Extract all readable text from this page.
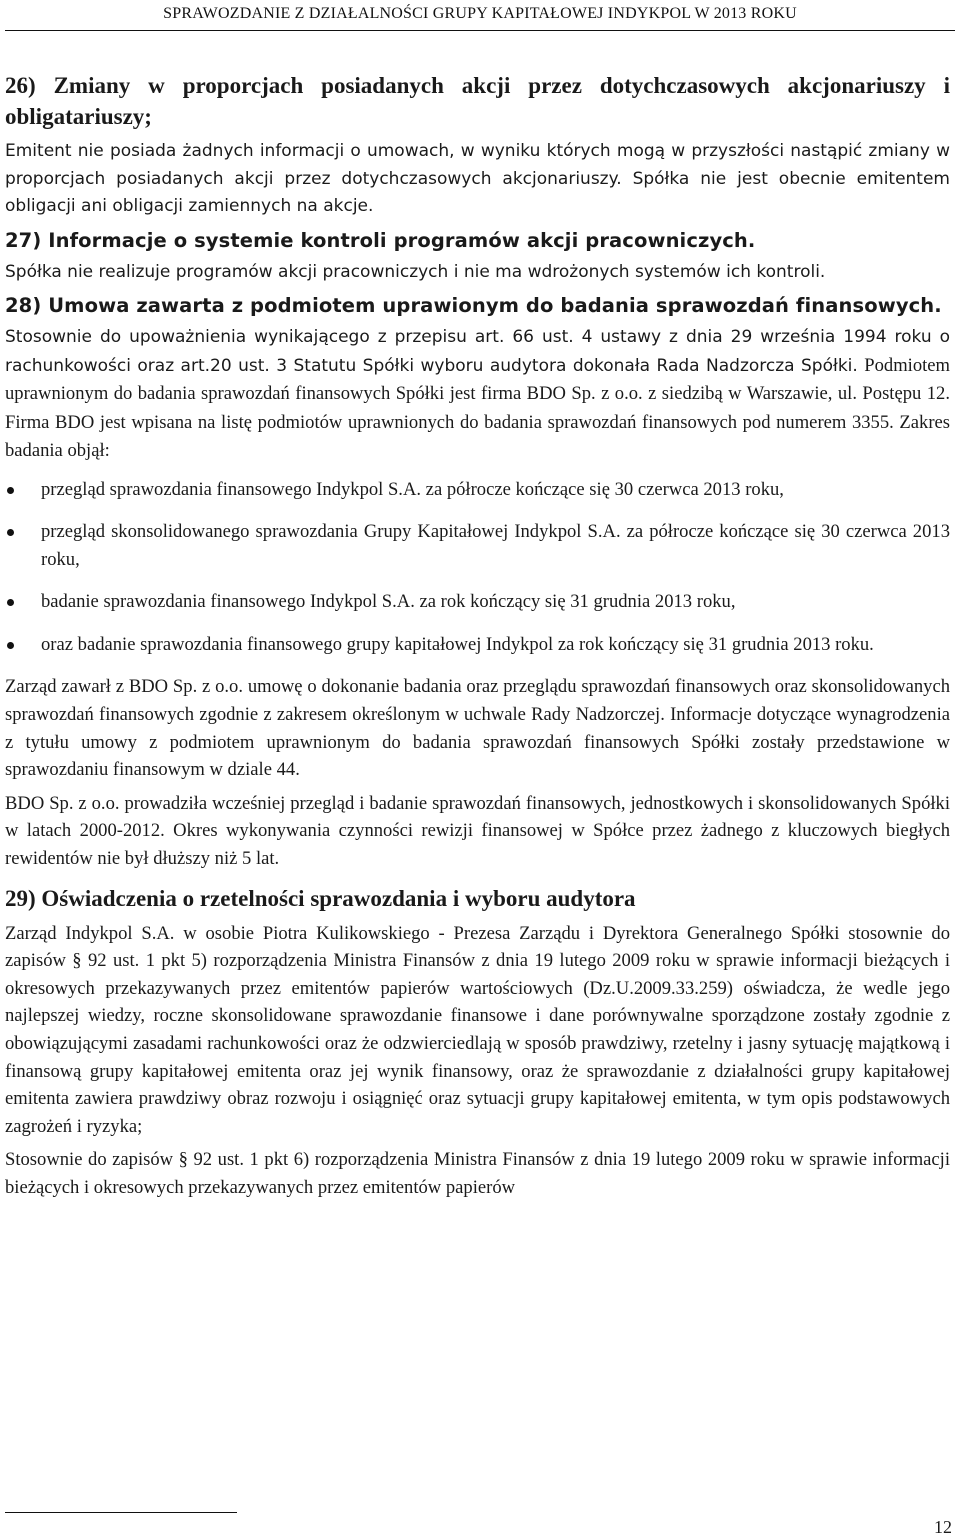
SPRAWOZDANIE Z DZIAŁALNOŚCI GRUPY KAPITAŁOWEJ INDYKPOL W 2013 ROKU
26) Zmiany w proporcjach posiadanych akcji przez dotychczasowych akcjonariuszy i obligatariuszy;

Emitent nie posiada żadnych informacji o umowach, w wyniku których mogą w przyszłości nastąpić zmiany w proporcjach posiadanych akcji przez dotychczasowych akcjonariuszy. Spółka nie jest obecnie emitentem obligacji ani obligacji zamiennych na akcje.

27) Informacje o systemie kontroli programów akcji pracowniczych.

Spółka nie realizuje programów akcji pracowniczych i nie ma wdrożonych systemów ich kontroli.

28) Umowa zawarta z podmiotem uprawionym do badania sprawozdań finansowych.

Stosownie do upoważnienia wynikającego z przepisu art. 66 ust. 4 ustawy z dnia 29 września 1994 roku o rachunkowości oraz art.20 ust. 3 Statutu Spółki wyboru audytora dokonała Rada Nadzorcza Spółki. Podmiotem uprawnionym do badania sprawozdań finansowych Spółki jest firma BDO Sp. z o.o. z siedzibą w Warszawie, ul. Postępu 12. Firma BDO jest wpisana na listę podmiotów uprawnionych do badania sprawozdań finansowych pod numerem 3355. Zakres badania objął:

przegląd sprawozdania finansowego Indykpol S.A. za półrocze kończące się 30 czerwca 2013 roku,
przegląd skonsolidowanego sprawozdania Grupy Kapitałowej Indykpol S.A. za półrocze kończące się 30 czerwca 2013 roku,
badanie sprawozdania finansowego Indykpol S.A. za rok kończący się 31 grudnia 2013 roku,
oraz badanie sprawozdania finansowego grupy kapitałowej Indykpol za rok kończący się 31 grudnia 2013 roku.

Zarząd zawarł z BDO Sp. z o.o. umowę o dokonanie badania oraz przeglądu sprawozdań finansowych oraz skonsolidowanych sprawozdań finansowych zgodnie z zakresem określonym w uchwale Rady Nadzorczej. Informacje dotyczące wynagrodzenia z tytułu umowy z podmiotem uprawnionym do badania sprawozdań finansowych Spółki zostały przedstawione w sprawozdaniu finansowym w dziale 44.

BDO Sp. z o.o. prowadziła wcześniej przegląd i badanie sprawozdań finansowych, jednostkowych i skonsolidowanych Spółki w latach 2000-2012. Okres wykonywania czynności rewizji finansowej w Spółce przez żadnego z kluczowych biegłych rewidentów nie był dłuższy niż 5 lat.

29) Oświadczenia o rzetelności sprawozdania i wyboru audytora

Zarząd Indykpol S.A. w osobie Piotra Kulikowskiego - Prezesa Zarządu i Dyrektora Generalnego Spółki stosownie do zapisów § 92 ust. 1 pkt 5) rozporządzenia Ministra Finansów z dnia 19 lutego 2009 roku w sprawie informacji bieżących i okresowych przekazywanych przez emitentów papierów wartościowych (Dz.U.2009.33.259) oświadcza, że wedle jego najlepszej wiedzy, roczne skonsolidowane sprawozdanie finansowe i dane porównywalne sporządzone zostały zgodnie z obowiązującymi zasadami rachunkowości oraz że odzwierciedlają w sposób prawdziwy, rzetelny i jasny sytuację majątkową i finansową grupy kapitałowej emitenta oraz jej wynik finansowy, oraz że sprawozdanie z działalności grupy kapitałowej emitenta zawiera prawdziwy obraz rozwoju i osiągnięć oraz sytuacji grupy kapitałowej emitenta, w tym opis podstawowych zagrożeń i ryzyka;

Stosownie do zapisów § 92 ust. 1 pkt 6) rozporządzenia Ministra Finansów z dnia 19 lutego 2009 roku w sprawie informacji bieżących i okresowych przekazywanych przez emitentów papierów

12
